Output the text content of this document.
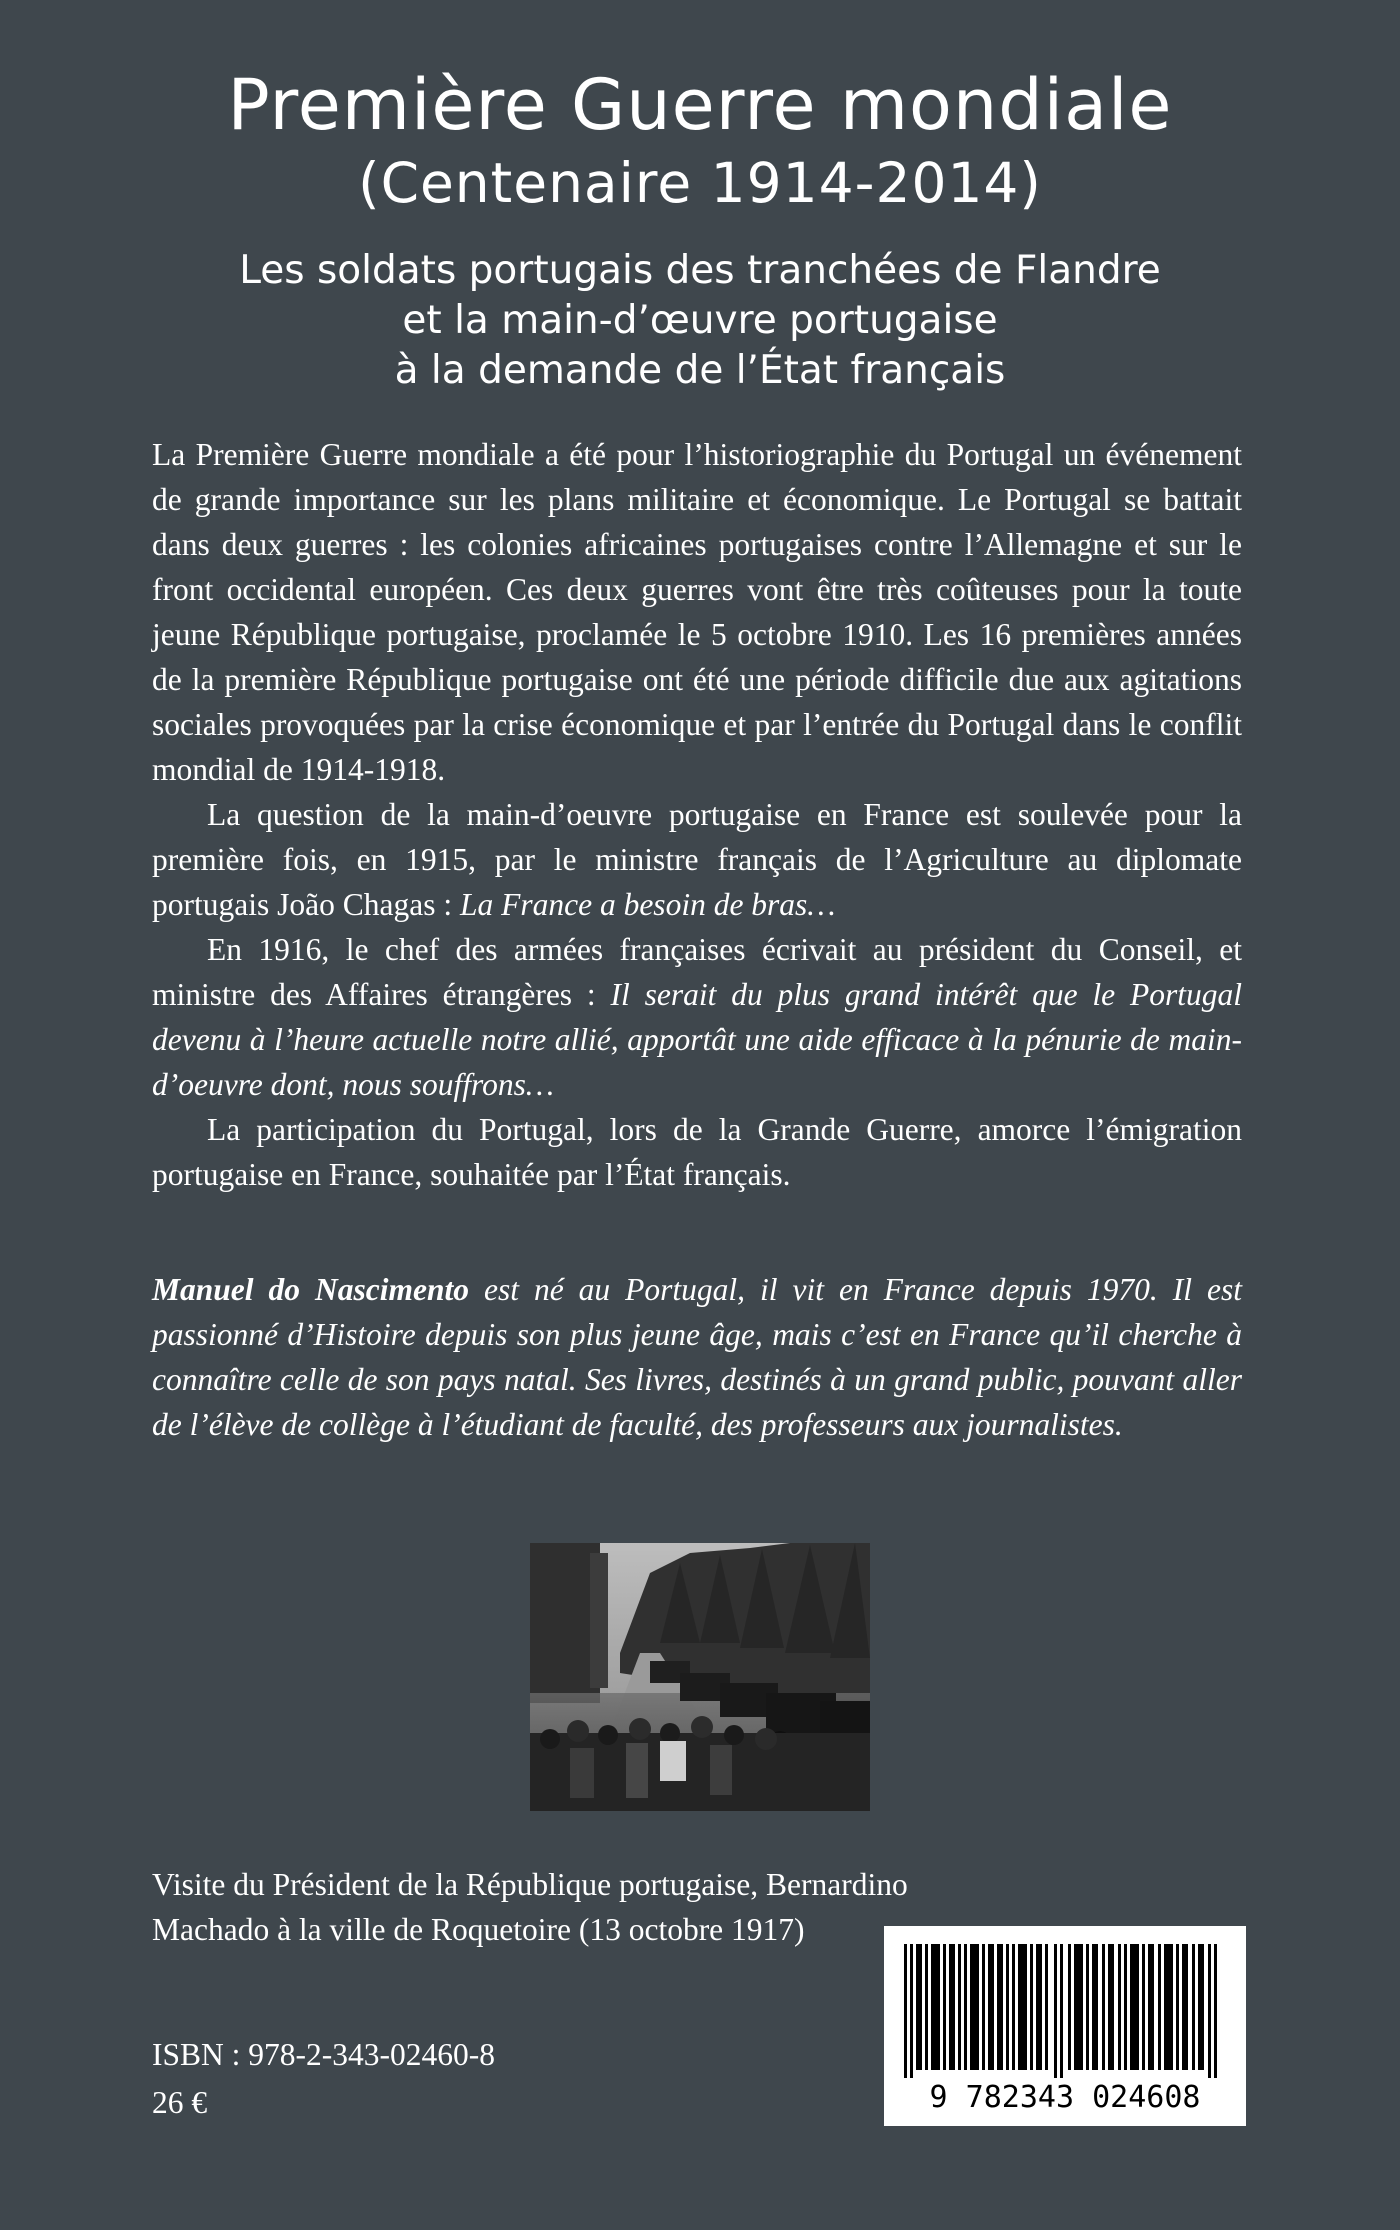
Première Guerre mondiale
(Centenaire 1914-2014)
Les soldats portugais des tranchées de Flandre
et la main-d’œuvre portugaise
à la demande de l’État français

La Première Guerre mondiale a été pour l’historiographie du Portugal un événement de grande importance sur les plans militaire et économique. Le Portugal se battait dans deux guerres : les colonies africaines portugaises contre l’Allemagne et sur le front occidental européen. Ces deux guerres vont être très coûteuses pour la toute jeune République portugaise, proclamée le 5 octobre 1910. Les 16 premières années de la première République portugaise ont été une période difficile due aux agitations sociales provoquées par la crise économique et par l’entrée du Portugal dans le conflit mondial de 1914-1918.

La question de la main-d’oeuvre portugaise en France est soulevée pour la première fois, en 1915, par le ministre français de l’Agriculture au diplomate portugais João Chagas : La France a besoin de bras…

En 1916, le chef des armées françaises écrivait au président du Conseil, et ministre des Affaires étrangères : Il serait du plus grand intérêt que le Portugal devenu à l’heure actuelle notre allié, apportât une aide efficace à la pénurie de main-d’oeuvre dont, nous souffrons…

La participation du Portugal, lors de la Grande Guerre, amorce l’émigration portugaise en France, souhaitée par l’État français.

Manuel do Nascimento est né au Portugal, il vit en France depuis 1970. Il est passionné d’Histoire depuis son plus jeune âge, mais c’est en France qu’il cherche à connaître celle de son pays natal. Ses livres, destinés à un grand public, pouvant aller de l’élève de collège à l’étudiant de faculté, des professeurs aux journalistes.

Visite du Président de la République portugaise, Bernardino
Machado à la ville de Roquetoire (13 octobre 1917)
ISBN : 978-2-343-02460-8
26 €	9 782343 024608
